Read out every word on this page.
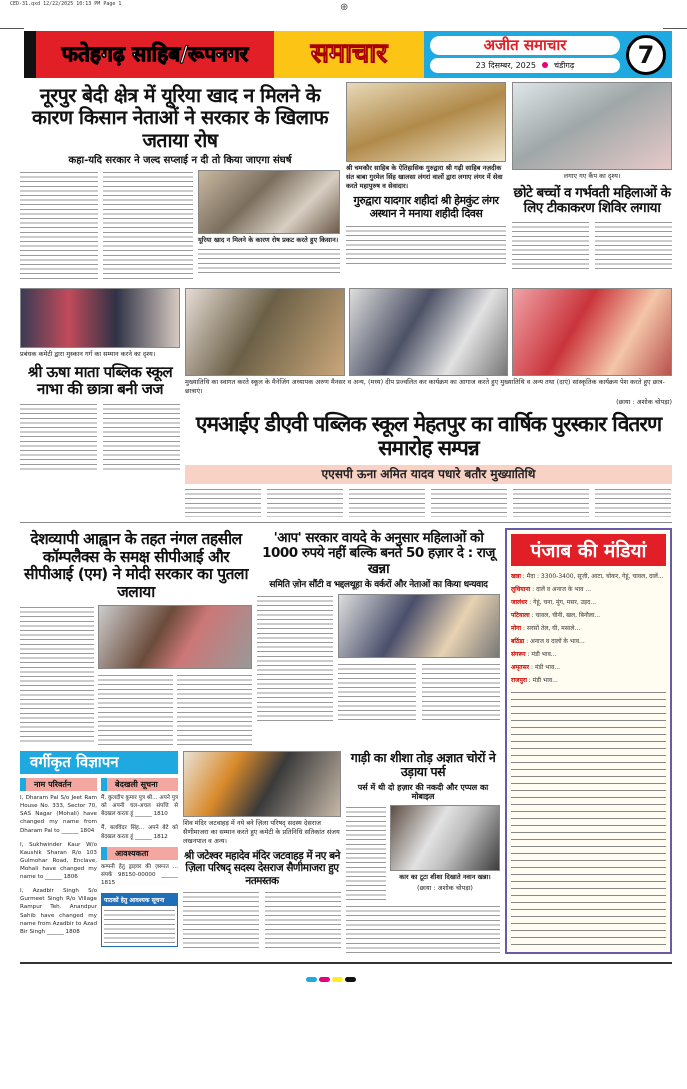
CED-31.qxd 12/22/2025 10:13 PM Page 1	⊕
फतेहगढ़ साहिब/रूपनगर समाचार	अजीत समाचार
23 दिसम्बर, 2025 चंडीगढ़	7
नूरपुर बेदी क्षेत्र में यूरिया खाद न मिलने के कारण किसान नेताओं ने सरकार के खिलाफ जताया रोष
कहा-यदि सरकार ने जल्द सप्लाई न दी तो किया जाएगा संघर्ष
यूरिया खाद न मिलने के कारण रोष प्रकट करते हुए किसान।
श्री चमकौर साहिब के ऐतिहासिक गुरुद्वारा श्री गढ़ी साहिब नज़दीक संत बाबा गुरमेल सिंह खालसा लंगरां वालों द्वारा लगाए लंगर में सेवा करते महापुरुष व सेवादार।
गुरुद्वारा यादगार शहीदां श्री हेमकुंट लंगर अस्थान ने मनाया शहीदी दिवस
लगाए गए कैंप का दृश्य।
छोटे बच्चों व गर्भवती महिलाओं के लिए टीकाकरण शिविर लगाया
प्रबंधक कमेटी द्वारा मुस्कान गर्ग का सम्मान करने का दृश्य।
श्री ऊषा माता पब्लिक स्कूल नाभा की छात्रा बनी जज	मुख्यातिथि का स्वागत करते स्कूल के मैनेजिंग अध्यापक अरुण मैनसर व अन्य, (मध्य) दीप प्रज्वलित कर कार्यक्रम का आगाज करते हुए मुख्यातिथि व अन्य तथा (दाएं) सांस्कृतिक कार्यक्रम पेश करते हुए छात्र-छात्राएं।
(छाया : अशोक चोपड़ा)
एमआईए डीएवी पब्लिक स्कूल मेहतपुर का वार्षिक पुरस्कार वितरण समारोह सम्पन्न
एएसपी ऊना अमित यादव पधारे बतौर मुख्यातिथि
देशव्यापी आह्वान के तहत नंगल तहसील कॉम्पलैक्स के समक्ष सीपीआई और सीपीआई (एम) ने मोदी सरकार का पुतला जलाया
'आप' सरकार वायदे के अनुसार महिलाओं को 1000 रुपये नहीं बल्कि बनते 50 हज़ार दे : राजू खन्ना
समिति ज़ोन सौंटी व भद्दलथूहा के वर्करों और नेताओं का किया धन्यवाद
वर्गीकृत विज्ञापन
नाम परिवर्तन
I, Dharam Pal S/o Jeet Ram House No. 333, Sector 70, SAS Nagar (Mohali) have changed my name from Dharam Pal to ______ 1804
I, Sukhwinder Kaur W/o Kaushik Sharan R/o 103 Gulmohar Road, Enclave, Mohali have changed my name to ______ 1806
I, Azadbir Singh S/o Gurmeet Singh R/o Village Rampur Teh. Anandpur Sahib have changed my name from Azadbir to Azad Bir Singh ______ 1808
बेदखली सूचना
मैं, कुलदीप कुमार पुत्र श्री... अपने पुत्र को अपनी चल-अचल संपत्ति से बेदखल करता हूं ______ 1810
मैं, बलविंदर सिंह... अपने बेटे को बेदखल करता हूं ______ 1812
आवश्यकता
कम्पनी हेतु ड्राइवर की ज़रूरत ... संपर्क 98150-00000 ______ 1815
पाठकों हेतु आवश्यक सूचना
शिव मंदिर जटवाहड़ में नये बने ज़िला परिषद् सदस्य देसराज सैणीमाजरा का सम्मान करते हुए कमेटी के प्रतिनिधि सतिकांत संजय लखनपाल व अन्य।
श्री जटेश्वर महादेव मंदिर जटवाहड़ में नए बने ज़िला परिषद् सदस्य देसराज सैणीमाजरा हुए नतमस्तक
गाड़ी का शीशा तोड़ अज्ञात चोरों ने उड़ाया पर्स
पर्स में थी दो हज़ार की नकदी और एप्पल का मोबाइल
कार का टूटा शीशा दिखाते नवान खन्ना।
(छाया : अशोक चोपड़ा)
पंजाब की मंडियां
खन्ना : मैदा : 3300-3400, सूजी, आटा, चोकर, गेहूं, चावल, दालें...
लुधियाना : दालें व अनाज के भाव ...
जालंधर : गेहूं, चना, मूंग, मसर, उड़द...
पटियाला : चावल, चीनी, खल, बिनौला...
मोगा : सरसों तेल, घी, मसाले...
बठिंडा : अनाज व दालों के भाव...
संगरूर : मंडी भाव...
अमृतसर : मंडी भाव...
राजपुरा : मंडी भाव...
